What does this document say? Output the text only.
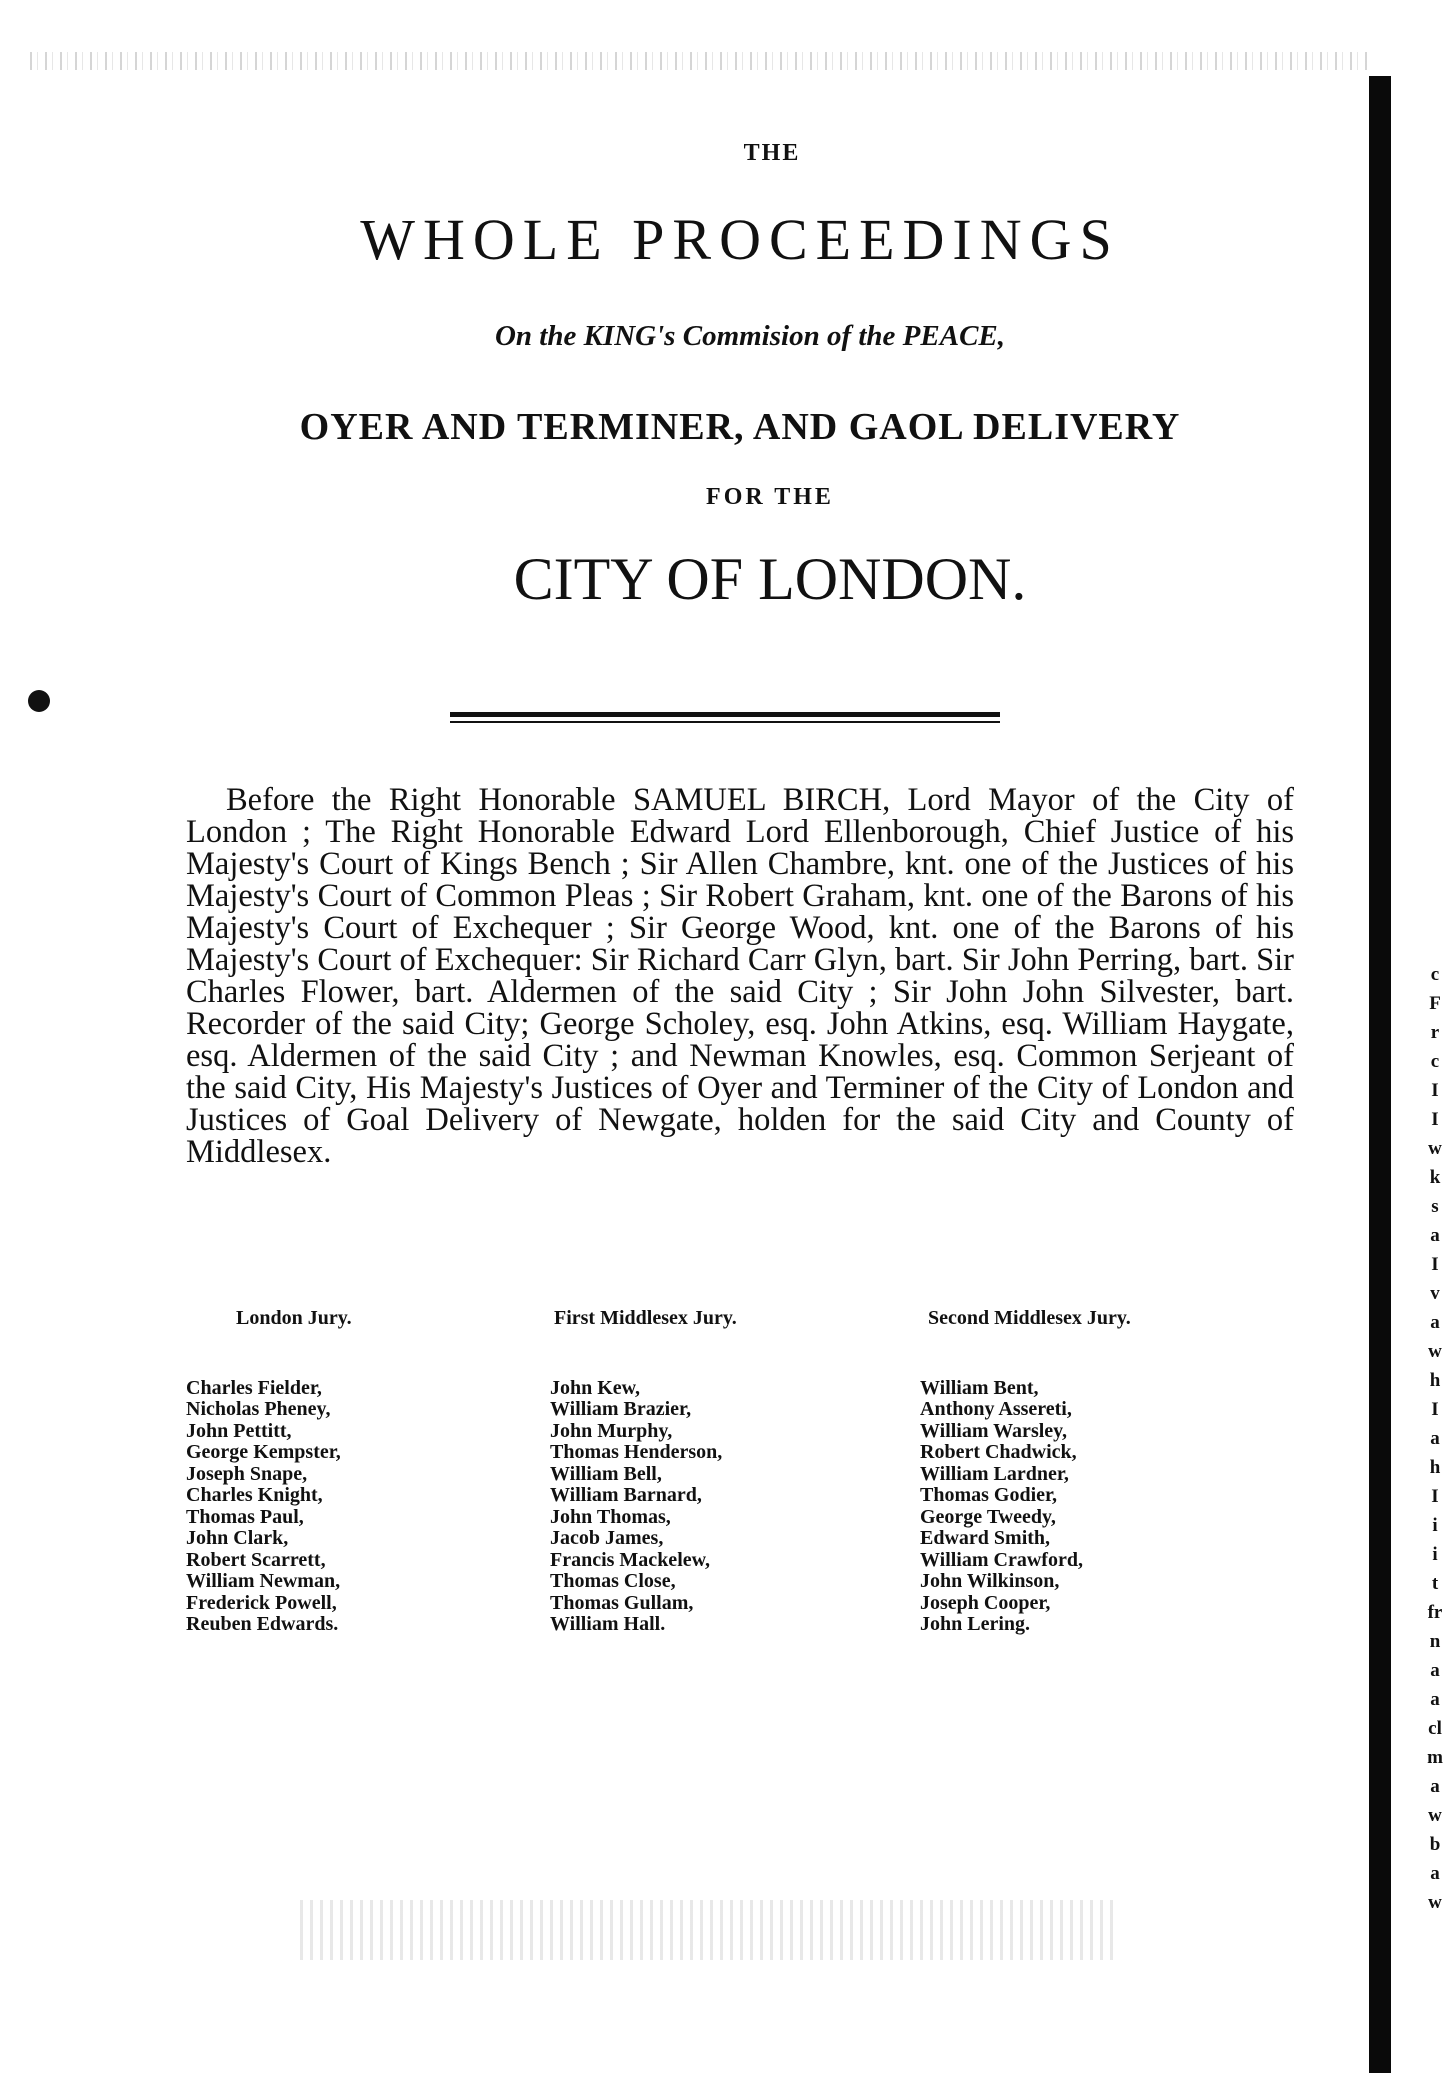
c
F
r
c
I
I
w
k
s
a
I
v
a
w
h
I
a
h
I
i
i
t
fr
n
a
a
cl
m
a
w
b
a
w
THE
WHOLE PROCEEDINGS
On the KING's Commision of the PEACE,
OYER AND TERMINER, AND GAOL DELIVERY
FOR THE
CITY OF LONDON.
Before the Right Honorable SAMUEL BIRCH, Lord Mayor of the City of London ; The Right Honorable Edward Lord Ellenborough, Chief Justice of his Majesty's Court of Kings Bench ; Sir Allen Chambre, knt. one of the Justices of his Majesty's Court of Common Pleas ; Sir Robert Graham, knt. one of the Barons of his Majesty's Court of Exchequer ; Sir George Wood, knt. one of the Barons of his Majesty's Court of Exchequer: Sir Richard Carr Glyn, bart. Sir John Perring, bart. Sir Charles Flower, bart. Aldermen of the said City ; Sir John John Silvester, bart. Recorder of the said City; George Scholey, esq. John Atkins, esq. William Haygate, esq. Aldermen of the said City ; and Newman Knowles, esq. Common Serjeant of the said City, His Majesty's Justices of Oyer and Terminer of the City of London and Justices of Goal Delivery of Newgate, holden for the said City and County of Middlesex.
London Jury.
Charles Fielder,
Nicholas Pheney,
John Pettitt,
George Kempster,
Joseph Snape,
Charles Knight,
Thomas Paul,
John Clark,
Robert Scarrett,
William Newman,
Frederick Powell,
Reuben Edwards.
First Middlesex Jury.
John Kew,
William Brazier,
John Murphy,
Thomas Henderson,
William Bell,
William Barnard,
John Thomas,
Jacob James,
Francis Mackelew,
Thomas Close,
Thomas Gullam,
William Hall.
Second Middlesex Jury.
William Bent,
Anthony Assereti,
William Warsley,
Robert Chadwick,
William Lardner,
Thomas Godier,
George Tweedy,
Edward Smith,
William Crawford,
John Wilkinson,
Joseph Cooper,
John Lering.
